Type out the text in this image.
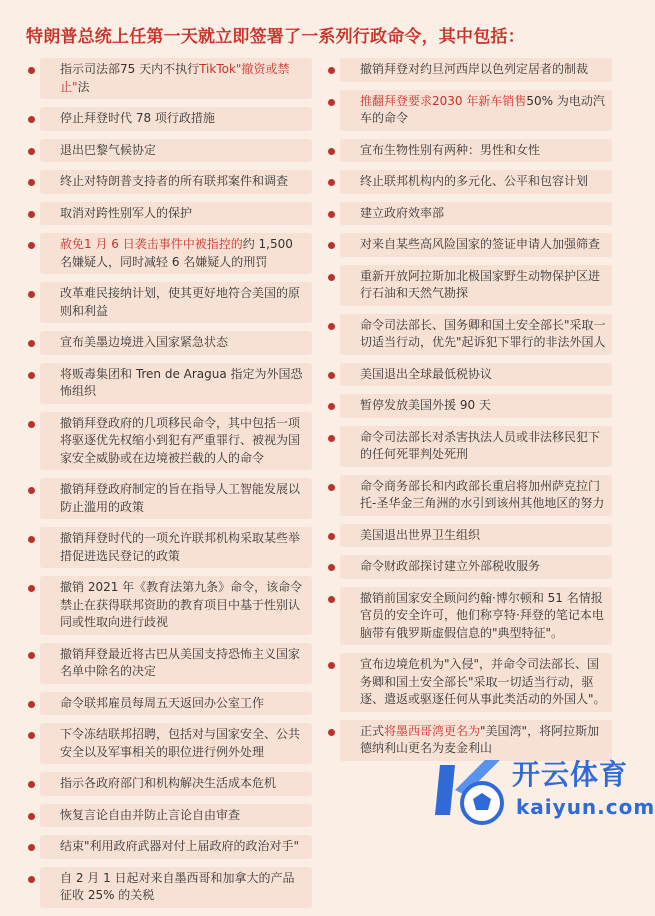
特朗普总统上任第一天就立即签署了一系列行政命令，其中包括：
指示司法部75 天内不执行TikTok"撤资或禁止"法
停止拜登时代 78 项行政措施
退出巴黎气候协定
终止对特朗普支持者的所有联邦案件和调查
取消对跨性别军人的保护
赦免1 月 6 日袭击事件中被指控的约 1,500 名嫌疑人，同时减轻 6 名嫌疑人的刑罚
改革难民接纳计划，使其更好地符合美国的原则和利益
宣布美墨边境进入国家紧急状态
将贩毒集团和 Tren de Aragua 指定为外国恐怖组织
撤销拜登政府的几项移民命令，其中包括一项将驱逐优先权缩小到犯有严重罪行、被视为国家安全威胁或在边境被拦截的人的命令
撤销拜登政府制定的旨在指导人工智能发展以防止滥用的政策
撤销拜登时代的一项允许联邦机构采取某些举措促进选民登记的政策
撤销 2021 年《教育法第九条》命令，该命令禁止在获得联邦资助的教育项目中基于性别认同或性取向进行歧视
撤销拜登最近将古巴从美国支持恐怖主义国家名单中除名的决定
命令联邦雇员每周五天返回办公室工作
下令冻结联邦招聘，包括对与国家安全、公共安全以及军事相关的职位进行例外处理
指示各政府部门和机构解决生活成本危机
恢复言论自由并防止言论自由审查
结束"利用政府武器对付上届政府的政治对手"
自 2 月 1 日起对来自墨西哥和加拿大的产品征收 25% 的关税
撤销拜登对约旦河西岸以色列定居者的制裁
推翻拜登要求2030 年新车销售50% 为电动汽车的命令
宣布生物性别有两种：男性和女性
终止联邦机构内的多元化、公平和包容计划
建立政府效率部
对来自某些高风险国家的签证申请人加强筛查
重新开放阿拉斯加北极国家野生动物保护区进行石油和天然气勘探
命令司法部长、国务卿和国土安全部长"采取一切适当行动，优先"起诉犯下罪行的非法外国人
美国退出全球最低税协议
暂停发放美国外援 90 天
命令司法部长对杀害执法人员或非法移民犯下的任何死罪判处死刑
命令商务部长和内政部长重启将加州萨克拉门托-圣华金三角洲的水引到该州其他地区的努力
美国退出世界卫生组织
命令财政部探讨建立外部税收服务
撤销前国家安全顾问约翰·博尔顿和 51 名情报官员的安全许可，他们称亨特·拜登的笔记本电脑带有俄罗斯虚假信息的"典型特征"。
宣布边境危机为"入侵"，并命令司法部长、国务卿和国土安全部长"采取一切适当行动，驱逐、遣返或驱逐任何从事此类活动的外国人"。
正式将墨西哥湾更名为"美国湾"，将阿拉斯加德纳利山更名为麦金利山
开云体育
kaiyun.com
